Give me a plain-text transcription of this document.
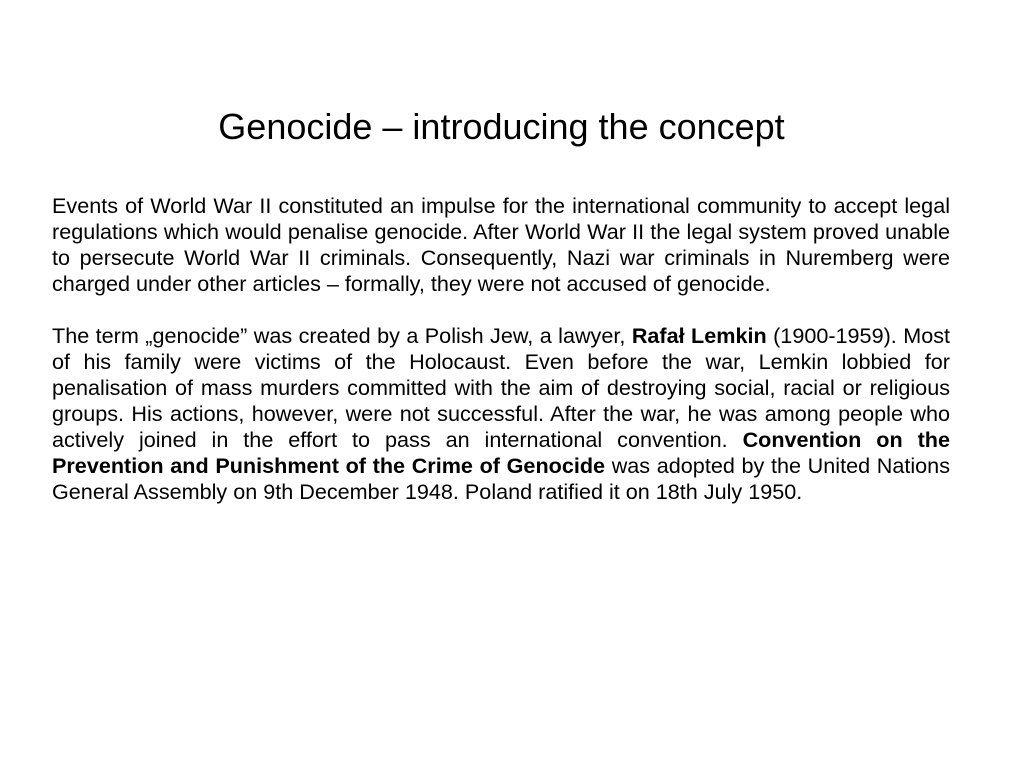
Genocide – introducing the concept

Events of World War II constituted an impulse for the international community to accept legal regulations which would penalise genocide. After World War II the legal system proved unable to persecute World War II criminals. Consequently, Nazi war criminals in Nuremberg were charged under other articles – formally, they were not accused of genocide.

The term „genocide” was created by a Polish Jew, a lawyer, Rafał Lemkin (1900-1959). Most of his family were victims of the Holocaust. Even before the war, Lemkin lobbied for penalisation of mass murders committed with the aim of destroying social, racial or religious groups. His actions, however, were not successful. After the war, he was among people who actively joined in the effort to pass an international convention. Convention on the Prevention and Punishment of the Crime of Genocide was adopted by the United Nations General Assembly on 9th December 1948. Poland ratified it on 18th July 1950.
